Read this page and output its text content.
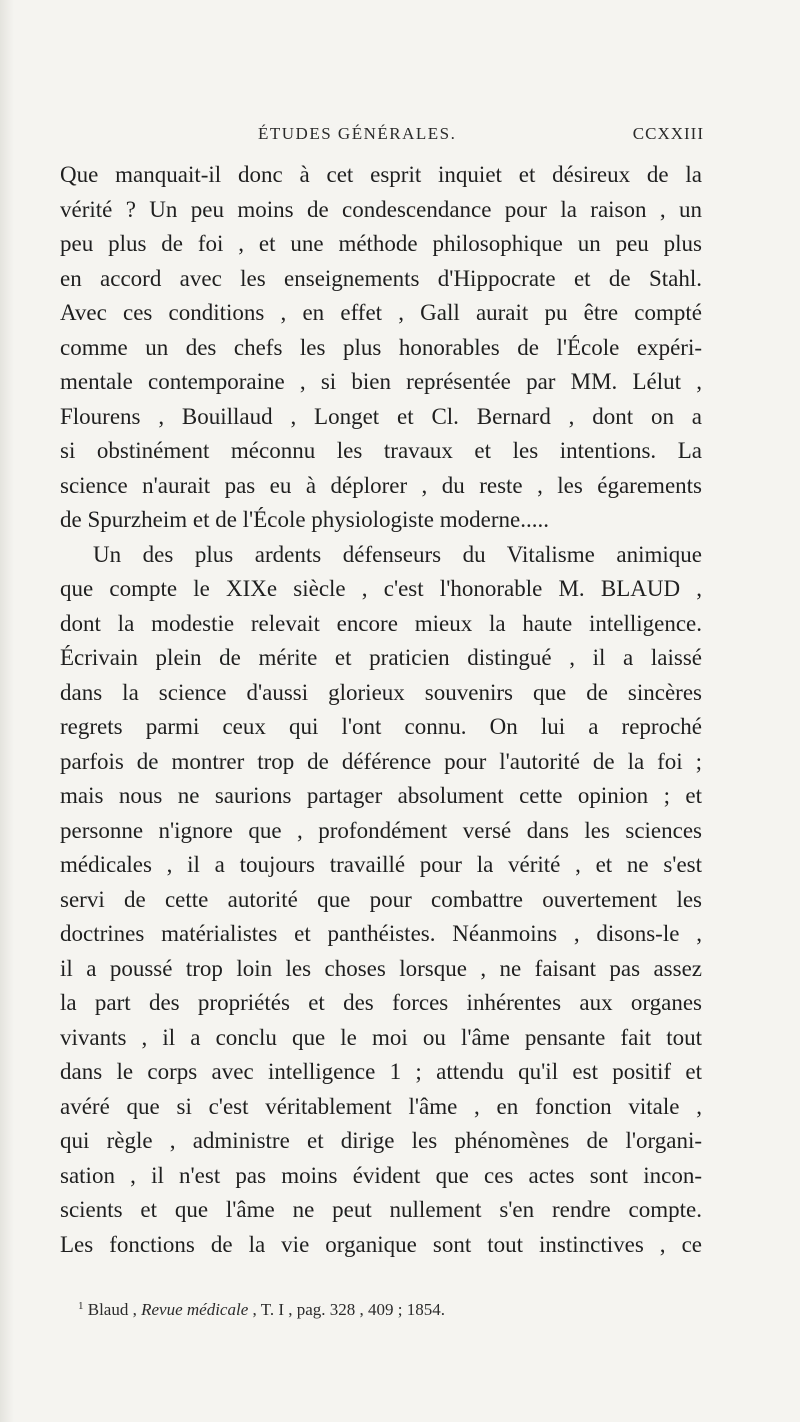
ÉTUDES GÉNÉRALES.	CCXXIII
Que manquait-il donc à cet esprit inquiet et désireux de la
vérité ? Un peu moins de condescendance pour la raison , un
peu plus de foi , et une méthode philosophique un peu plus
en accord avec les enseignements d'Hippocrate et de Stahl.
Avec ces conditions , en effet , Gall aurait pu être compté
comme un des chefs les plus honorables de l'École expéri-
mentale contemporaine , si bien représentée par MM. Lélut ,
Flourens , Bouillaud , Longet et Cl. Bernard , dont on a
si obstinément méconnu les travaux et les intentions. La
science n'aurait pas eu à déplorer , du reste , les égarements
de Spurzheim et de l'École physiologiste moderne.....
Un des plus ardents défenseurs du Vitalisme animique
que compte le XIXe siècle , c'est l'honorable M. BLAUD ,
dont la modestie relevait encore mieux la haute intelligence.
Écrivain plein de mérite et praticien distingué , il a laissé
dans la science d'aussi glorieux souvenirs que de sincères
regrets parmi ceux qui l'ont connu. On lui a reproché
parfois de montrer trop de déférence pour l'autorité de la foi ;
mais nous ne saurions partager absolument cette opinion ; et
personne n'ignore que , profondément versé dans les sciences
médicales , il a toujours travaillé pour la vérité , et ne s'est
servi de cette autorité que pour combattre ouvertement les
doctrines matérialistes et panthéistes. Néanmoins , disons-le ,
il a poussé trop loin les choses lorsque , ne faisant pas assez
la part des propriétés et des forces inhérentes aux organes
vivants , il a conclu que le moi ou l'âme pensante fait tout
dans le corps avec intelligence 1 ; attendu qu'il est positif et
avéré que si c'est véritablement l'âme , en fonction vitale ,
qui règle , administre et dirige les phénomènes de l'organi-
sation , il n'est pas moins évident que ces actes sont incon-
scients et que l'âme ne peut nullement s'en rendre compte.
Les fonctions de la vie organique sont tout instinctives , ce
$^1$ Blaud , Revue médicale , T. I , pag. 328 , 409 ; 1854.
